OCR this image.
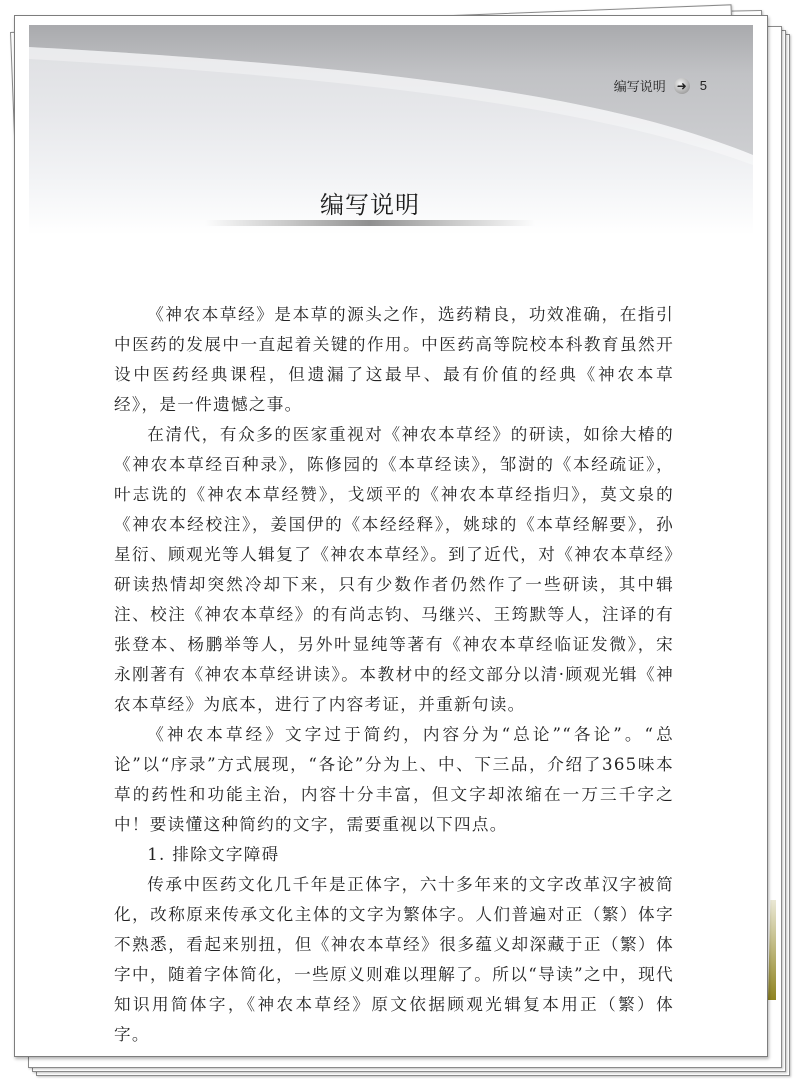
编写说明 ➜ 5
编写说明

《神农本草经》是本草的源头之作，选药精良，功效准确，在指引中医药的发展中一直起着关键的作用。中医药高等院校本科教育虽然开设中医药经典课程，但遗漏了这最早、最有价值的经典《神农本草经》，是一件遗憾之事。

在清代，有众多的医家重视对《神农本草经》的研读，如徐大椿的《神农本草经百种录》，陈修园的《本草经读》，邹澍的《本经疏证》，叶志诜的《神农本草经赞》，戈颂平的《神农本草经指归》，莫文泉的《神农本经校注》，姜国伊的《本经经释》，姚球的《本草经解要》，孙星衍、顾观光等人辑复了《神农本草经》。到了近代，对《神农本草经》研读热情却突然冷却下来，只有少数作者仍然作了一些研读，其中辑注、校注《神农本草经》的有尚志钧、马继兴、王筠默等人，注译的有张登本、杨鹏举等人，另外叶显纯等著有《神农本草经临证发微》，宋永刚著有《神农本草经讲读》。本教材中的经文部分以清·顾观光辑《神农本草经》为底本，进行了内容考证，并重新句读。

《神农本草经》文字过于简约，内容分为“总论”“各论”。“总论”以“序录”方式展现，“各论”分为上、中、下三品，介绍了365味本草的药性和功能主治，内容十分丰富，但文字却浓缩在一万三千字之中！要读懂这种简约的文字，需要重视以下四点。

1. 排除文字障碍

传承中医药文化几千年是正体字，六十多年来的文字改革汉字被简化，改称原来传承文化主体的文字为繁体字。人们普遍对正（繁）体字不熟悉，看起来别扭，但《神农本草经》很多蕴义却深藏于正（繁）体字中，随着字体简化，一些原义则难以理解了。所以“导读”之中，现代知识用简体字，《神农本草经》原文依据顾观光辑复本用正（繁）体字。
